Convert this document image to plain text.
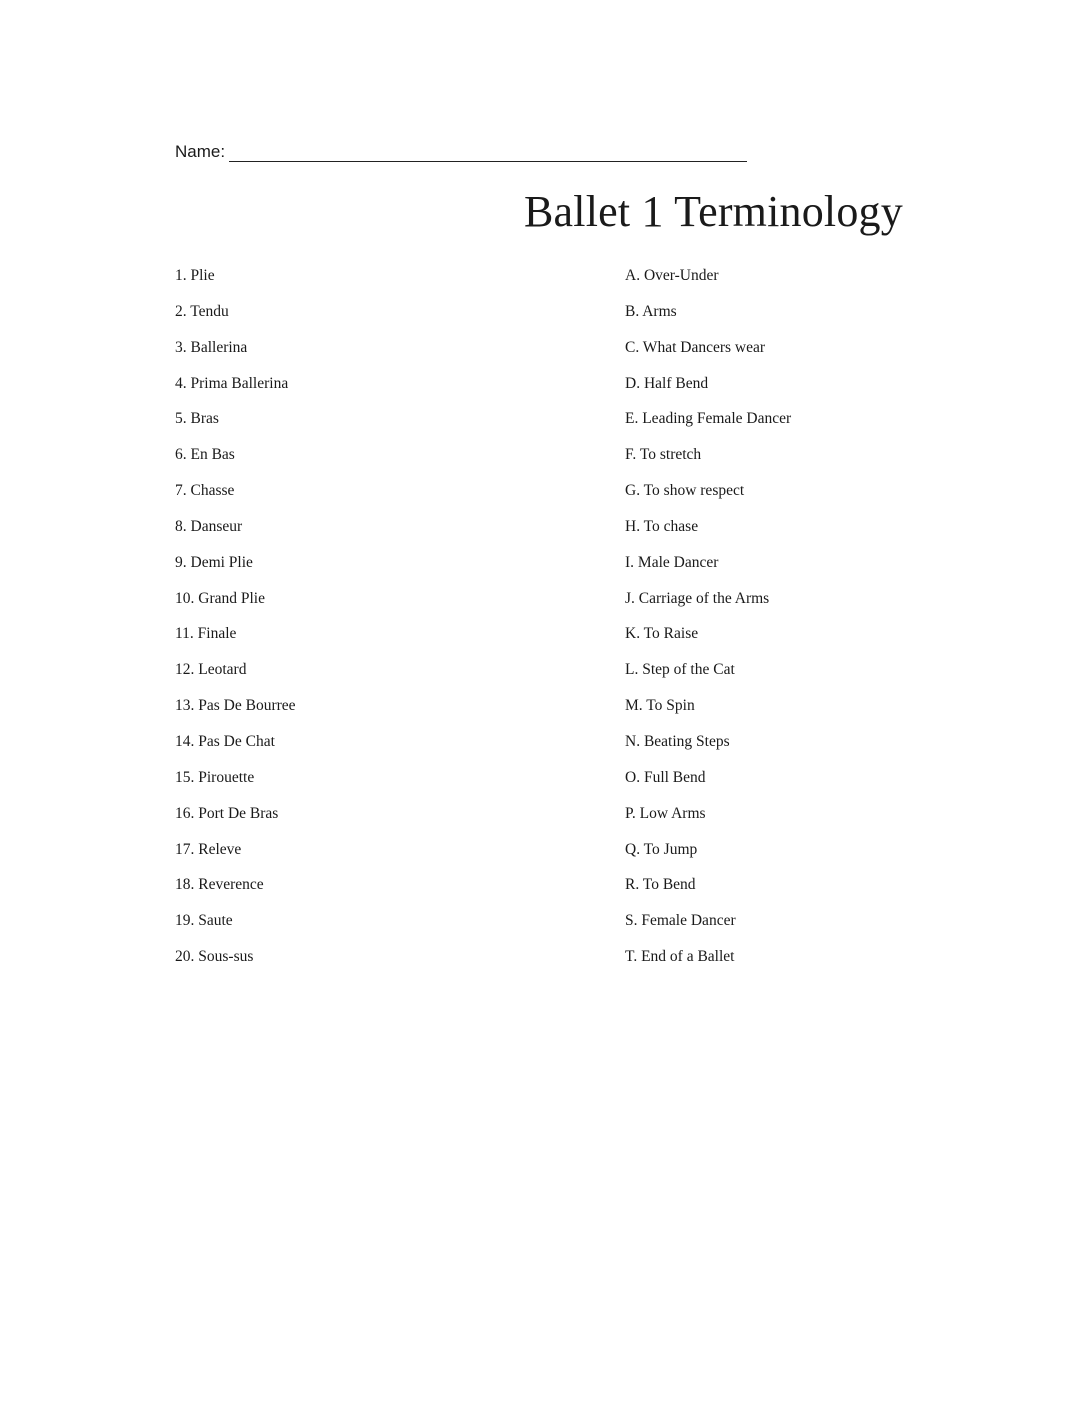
Name:
Ballet 1 Terminology
1. Plie
2. Tendu
3. Ballerina
4. Prima Ballerina
5. Bras
6. En Bas
7. Chasse
8. Danseur
9. Demi Plie
10. Grand Plie
11. Finale
12. Leotard
13. Pas De Bourree
14. Pas De Chat
15. Pirouette
16. Port De Bras
17. Releve
18. Reverence
19. Saute
20. Sous-sus
A. Over-Under
B. Arms
C. What Dancers wear
D. Half Bend
E. Leading Female Dancer
F. To stretch
G. To show respect
H. To chase
I. Male Dancer
J. Carriage of the Arms
K. To Raise
L. Step of the Cat
M. To Spin
N. Beating Steps
O. Full Bend
P. Low Arms
Q. To Jump
R. To Bend
S. Female Dancer
T. End of a Ballet
